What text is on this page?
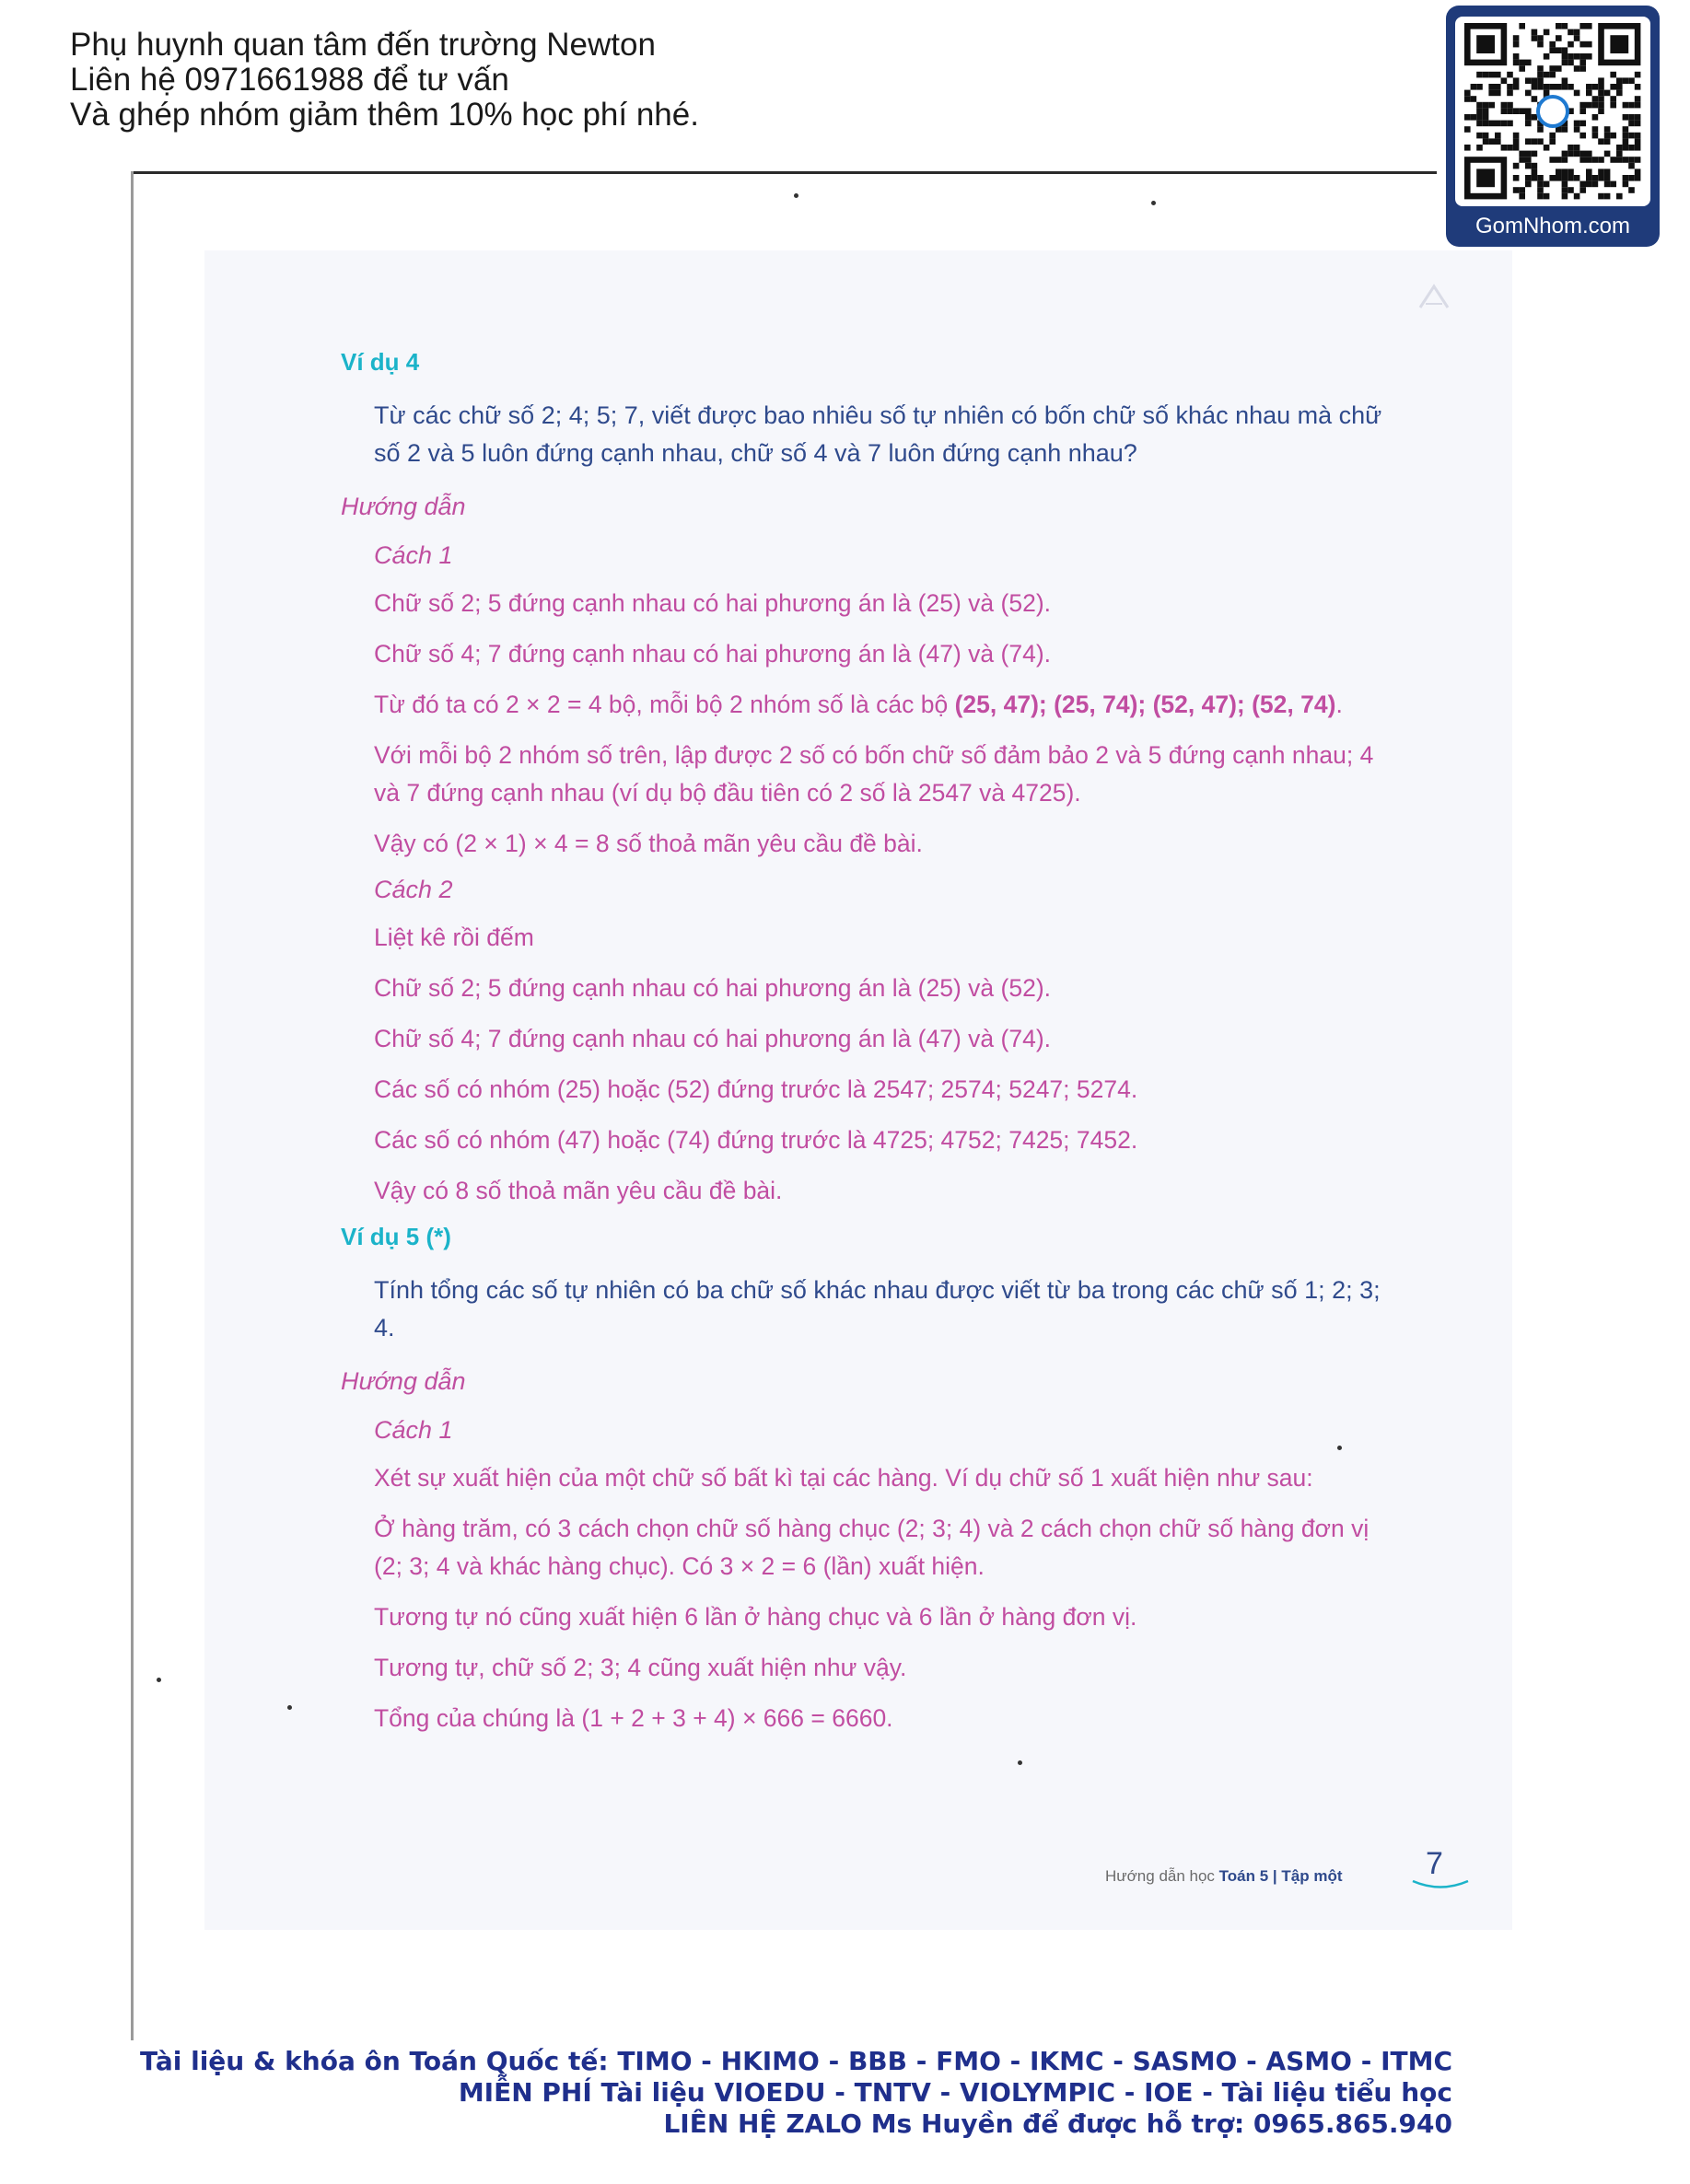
Phụ huynh quan tâm đến trường Newton
Liên hệ 0971661988 để tư vấn
Và ghép nhóm giảm thêm 10% học phí nhé.
GomNhom.com
Ví dụ 4
Từ các chữ số 2; 4; 5; 7, viết được bao nhiêu số tự nhiên có bốn chữ số khác nhau mà chữ số 2 và 5 luôn đứng cạnh nhau, chữ số 4 và 7 luôn đứng cạnh nhau?
Hướng dẫn
Cách 1
Chữ số 2; 5 đứng cạnh nhau có hai phương án là (25) và (52).
Chữ số 4; 7 đứng cạnh nhau có hai phương án là (47) và (74).
Từ đó ta có 2 × 2 = 4 bộ, mỗi bộ 2 nhóm số là các bộ (25, 47); (25, 74); (52, 47); (52, 74).
Với mỗi bộ 2 nhóm số trên, lập được 2 số có bốn chữ số đảm bảo 2 và 5 đứng cạnh nhau; 4 và 7 đứng cạnh nhau (ví dụ bộ đầu tiên có 2 số là 2547 và 4725).
Vậy có (2 × 1) × 4 = 8 số thoả mãn yêu cầu đề bài.
Cách 2
Liệt kê rồi đếm
Chữ số 2; 5 đứng cạnh nhau có hai phương án là (25) và (52).
Chữ số 4; 7 đứng cạnh nhau có hai phương án là (47) và (74).
Các số có nhóm (25) hoặc (52) đứng trước là 2547; 2574; 5247; 5274.
Các số có nhóm (47) hoặc (74) đứng trước là 4725; 4752; 7425; 7452.
Vậy có 8 số thoả mãn yêu cầu đề bài.
Ví dụ 5 (*)
Tính tổng các số tự nhiên có ba chữ số khác nhau được viết từ ba trong các chữ số 1; 2; 3; 4.
Hướng dẫn
Cách 1
Xét sự xuất hiện của một chữ số bất kì tại các hàng. Ví dụ chữ số 1 xuất hiện như sau:
Ở hàng trăm, có 3 cách chọn chữ số hàng chục (2; 3; 4) và 2 cách chọn chữ số hàng đơn vị (2; 3; 4 và khác hàng chục). Có 3 × 2 = 6 (lần) xuất hiện.
Tương tự nó cũng xuất hiện 6 lần ở hàng chục và 6 lần ở hàng đơn vị.
Tương tự, chữ số 2; 3; 4 cũng xuất hiện như vậy.
Tổng của chúng là (1 + 2 + 3 + 4) × 666 = 6660.
Hướng dẫn học Toán 5 | Tập một	7
Tài liệu & khóa ôn Toán Quốc tế: TIMO - HKIMO - BBB - FMO - IKMC - SASMO - ASMO - ITMC
MIỄN PHÍ Tài liệu VIOEDU - TNTV - VIOLYMPIC - IOE - Tài liệu tiểu học
LIÊN HỆ ZALO Ms Huyền để được hỗ trợ: 0965.865.940
